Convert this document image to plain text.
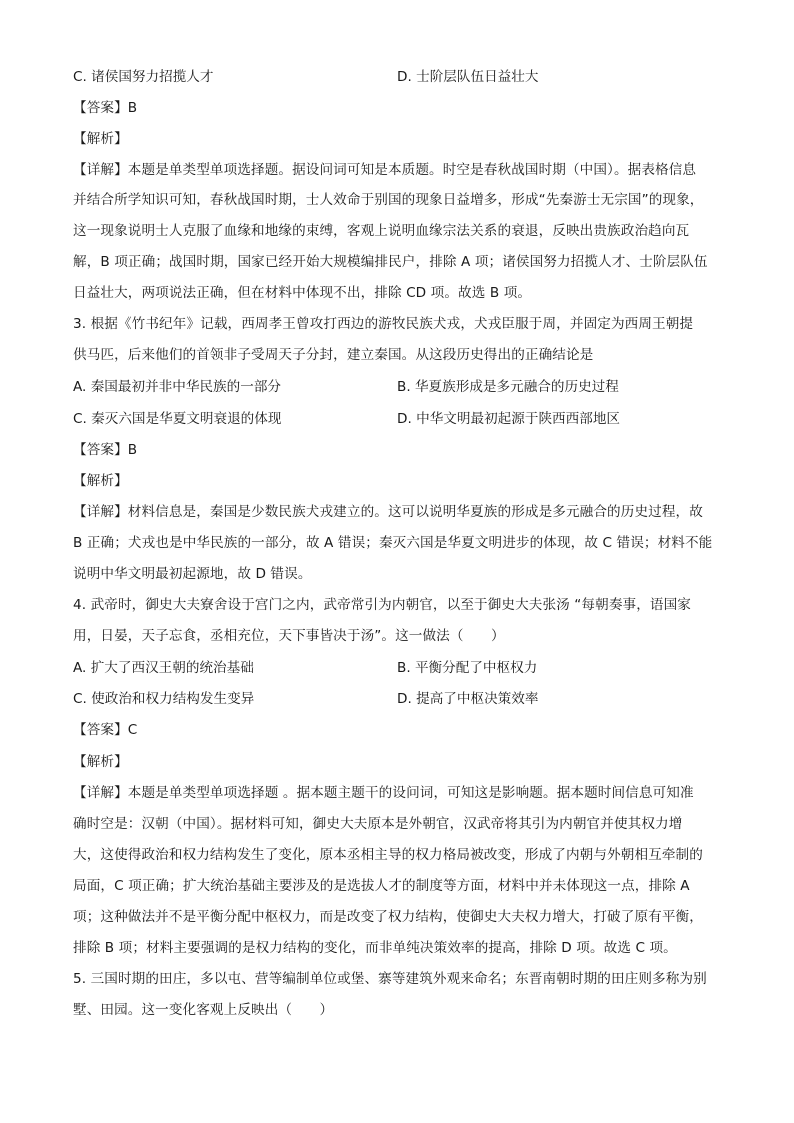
C. 诸侯国努力招揽人才	D. 士阶层队伍日益壮大
【答案】B
【解析】
【详解】本题是单类型单项选择题。据设问词可知是本质题。时空是春秋战国时期（中国）。据表格信息
并结合所学知识可知，春秋战国时期，士人效命于别国的现象日益增多，形成“先秦游士无宗国”的现象，
这一现象说明士人克服了血缘和地缘的束缚，客观上说明血缘宗法关系的衰退，反映出贵族政治趋向瓦
解，B 项正确；战国时期，国家已经开始大规模编排民户，排除 A 项；诸侯国努力招揽人才、士阶层队伍
日益壮大，两项说法正确，但在材料中体现不出，排除 CD 项。故选 B 项。
3. 根据《竹书纪年》记载，西周孝王曾攻打西边的游牧民族犬戎，犬戎臣服于周，并固定为西周王朝提
供马匹，后来他们的首领非子受周天子分封，建立秦国。从这段历史得出的正确结论是
A. 秦国最初并非中华民族的一部分	B. 华夏族形成是多元融合的历史过程
C. 秦灭六国是华夏文明衰退的体现	D. 中华文明最初起源于陕西西部地区
【答案】B
【解析】
【详解】材料信息是，秦国是少数民族犬戎建立的。这可以说明华夏族的形成是多元融合的历史过程，故
B 正确；犬戎也是中华民族的一部分，故 A 错误；秦灭六国是华夏文明进步的体现，故 C 错误；材料不能
说明中华文明最初起源地，故 D 错误。
4. 武帝时，御史大夫寮舍设于宫门之内，武帝常引为内朝官，以至于御史大夫张汤 “每朝奏事，语国家
用，日晏，天子忘食，丞相充位，天下事皆决于汤”。这一做法（　　）
A. 扩大了西汉王朝的统治基础	B. 平衡分配了中枢权力
C. 使政治和权力结构发生变异	D. 提高了中枢决策效率
【答案】C
【解析】
【详解】本题是单类型单项选择题 。据本题主题干的设问词，可知这是影响题。据本题时间信息可知准
确时空是：汉朝（中国）。据材料可知，御史大夫原本是外朝官，汉武帝将其引为内朝官并使其权力增
大，这使得政治和权力结构发生了变化，原本丞相主导的权力格局被改变，形成了内朝与外朝相互牵制的
局面，C 项正确；扩大统治基础主要涉及的是选拔人才的制度等方面，材料中并未体现这一点，排除 A
项；这种做法并不是平衡分配中枢权力，而是改变了权力结构，使御史大夫权力增大，打破了原有平衡，
排除 B 项；材料主要强调的是权力结构的变化，而非单纯决策效率的提高，排除 D 项。故选 C 项。
5. 三国时期的田庄，多以屯、营等编制单位或堡、寨等建筑外观来命名；东晋南朝时期的田庄则多称为别
墅、田园。这一变化客观上反映出（　　）
